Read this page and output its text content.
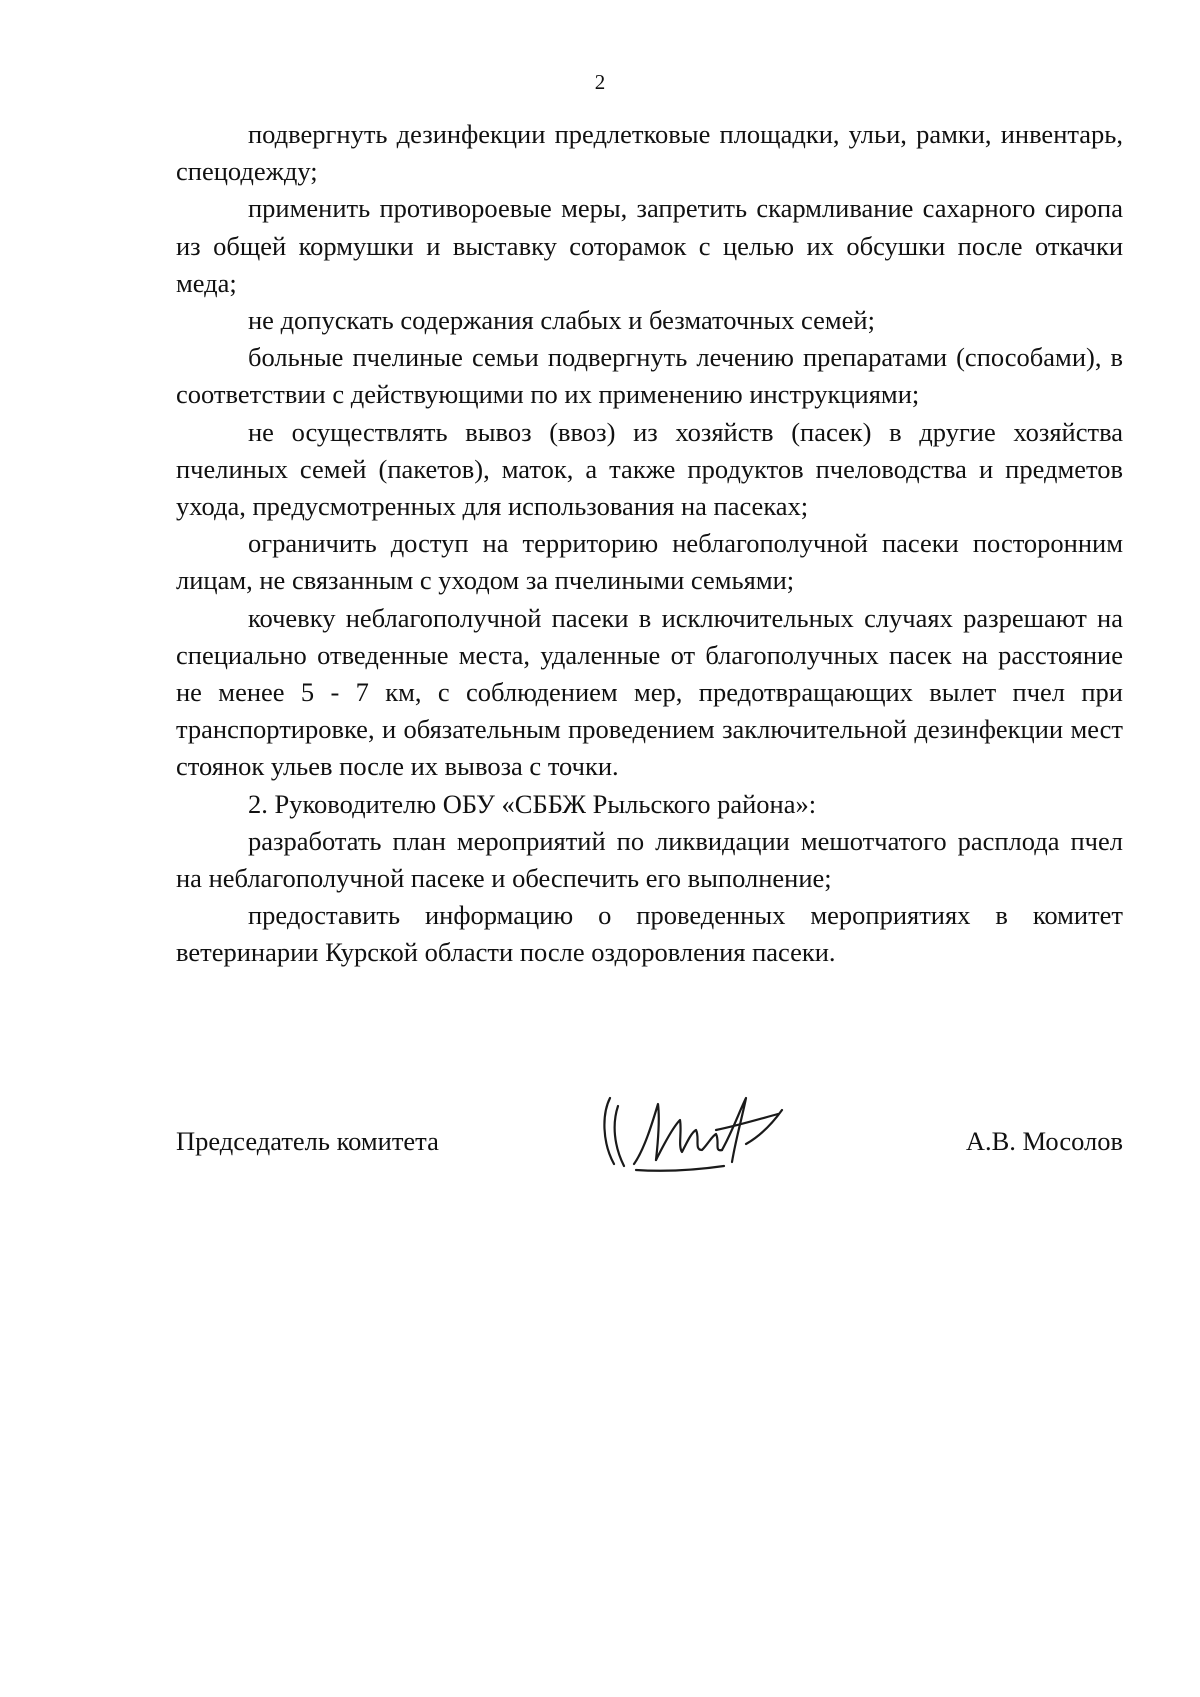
2

подвергнуть дезинфекции предлетковые площадки, ульи, рамки, инвентарь, спецодежду;

применить противороевые меры, запретить скармливание сахарного сиропа из общей кормушки и выставку соторамок с целью их обсушки после откачки меда;

не допускать содержания слабых и безматочных семей;

больные пчелиные семьи подвергнуть лечению препаратами (способами), в соответствии с действующими по их применению инструкциями;

не осуществлять вывоз (ввоз) из хозяйств (пасек) в другие хозяйства пчелиных семей (пакетов), маток, а также продуктов пчеловодства и предметов ухода, предусмотренных для использования на пасеках;

ограничить доступ на территорию неблагополучной пасеки посторонним лицам, не связанным с уходом за пчелиными семьями;

кочевку неблагополучной пасеки в исключительных случаях разрешают на специально отведенные места, удаленные от благополучных пасек на расстояние не менее 5 - 7 км, с соблюдением мер, предотвращающих вылет пчел при транспортировке, и обязательным проведением заключительной дезинфекции мест стоянок ульев после их вывоза с точки.

2. Руководителю ОБУ «СББЖ Рыльского района»:

разработать план мероприятий по ликвидации мешотчатого расплода пчел на неблагополучной пасеке и обеспечить его выполнение;

предоставить информацию о проведенных мероприятиях в комитет ветеринарии Курской области после оздоровления пасеки.

Председатель комитета	А.В. Мосолов
